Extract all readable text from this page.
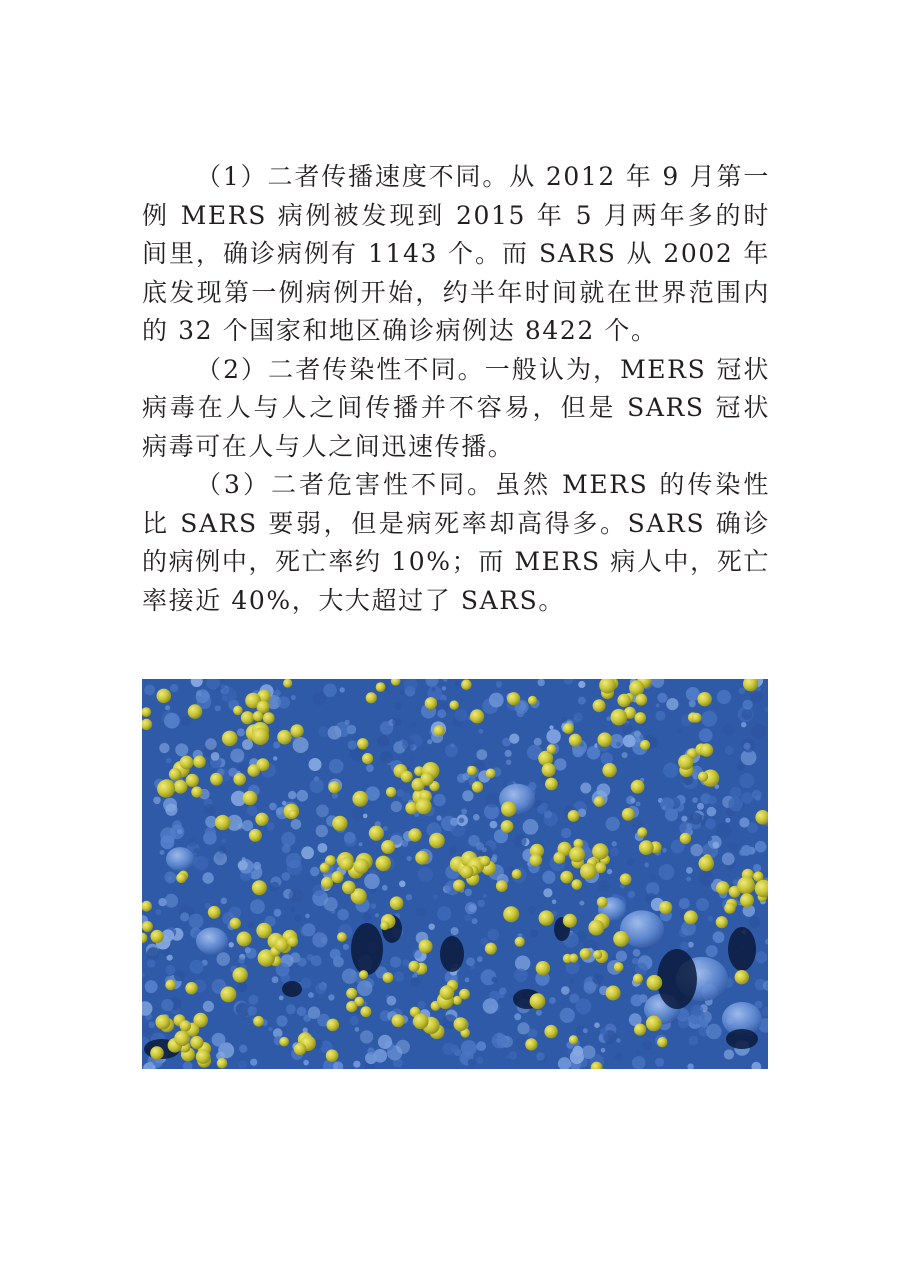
（1）二者传播速度不同。从 2012 年 9 月第一例 MERS 病例被发现到 2015 年 5 月两年多的时间里，确诊病例有 1143 个。而 SARS 从 2002 年底发现第一例病例开始，约半年时间就在世界范围内的 32 个国家和地区确诊病例达 8422 个。

（2）二者传染性不同。一般认为，MERS 冠状病毒在人与人之间传播并不容易，但是 SARS 冠状病毒可在人与人之间迅速传播。

（3）二者危害性不同。虽然 MERS 的传染性比 SARS 要弱，但是病死率却高得多。SARS 确诊的病例中，死亡率约 10%；而 MERS 病人中，死亡率接近 40%，大大超过了 SARS。
